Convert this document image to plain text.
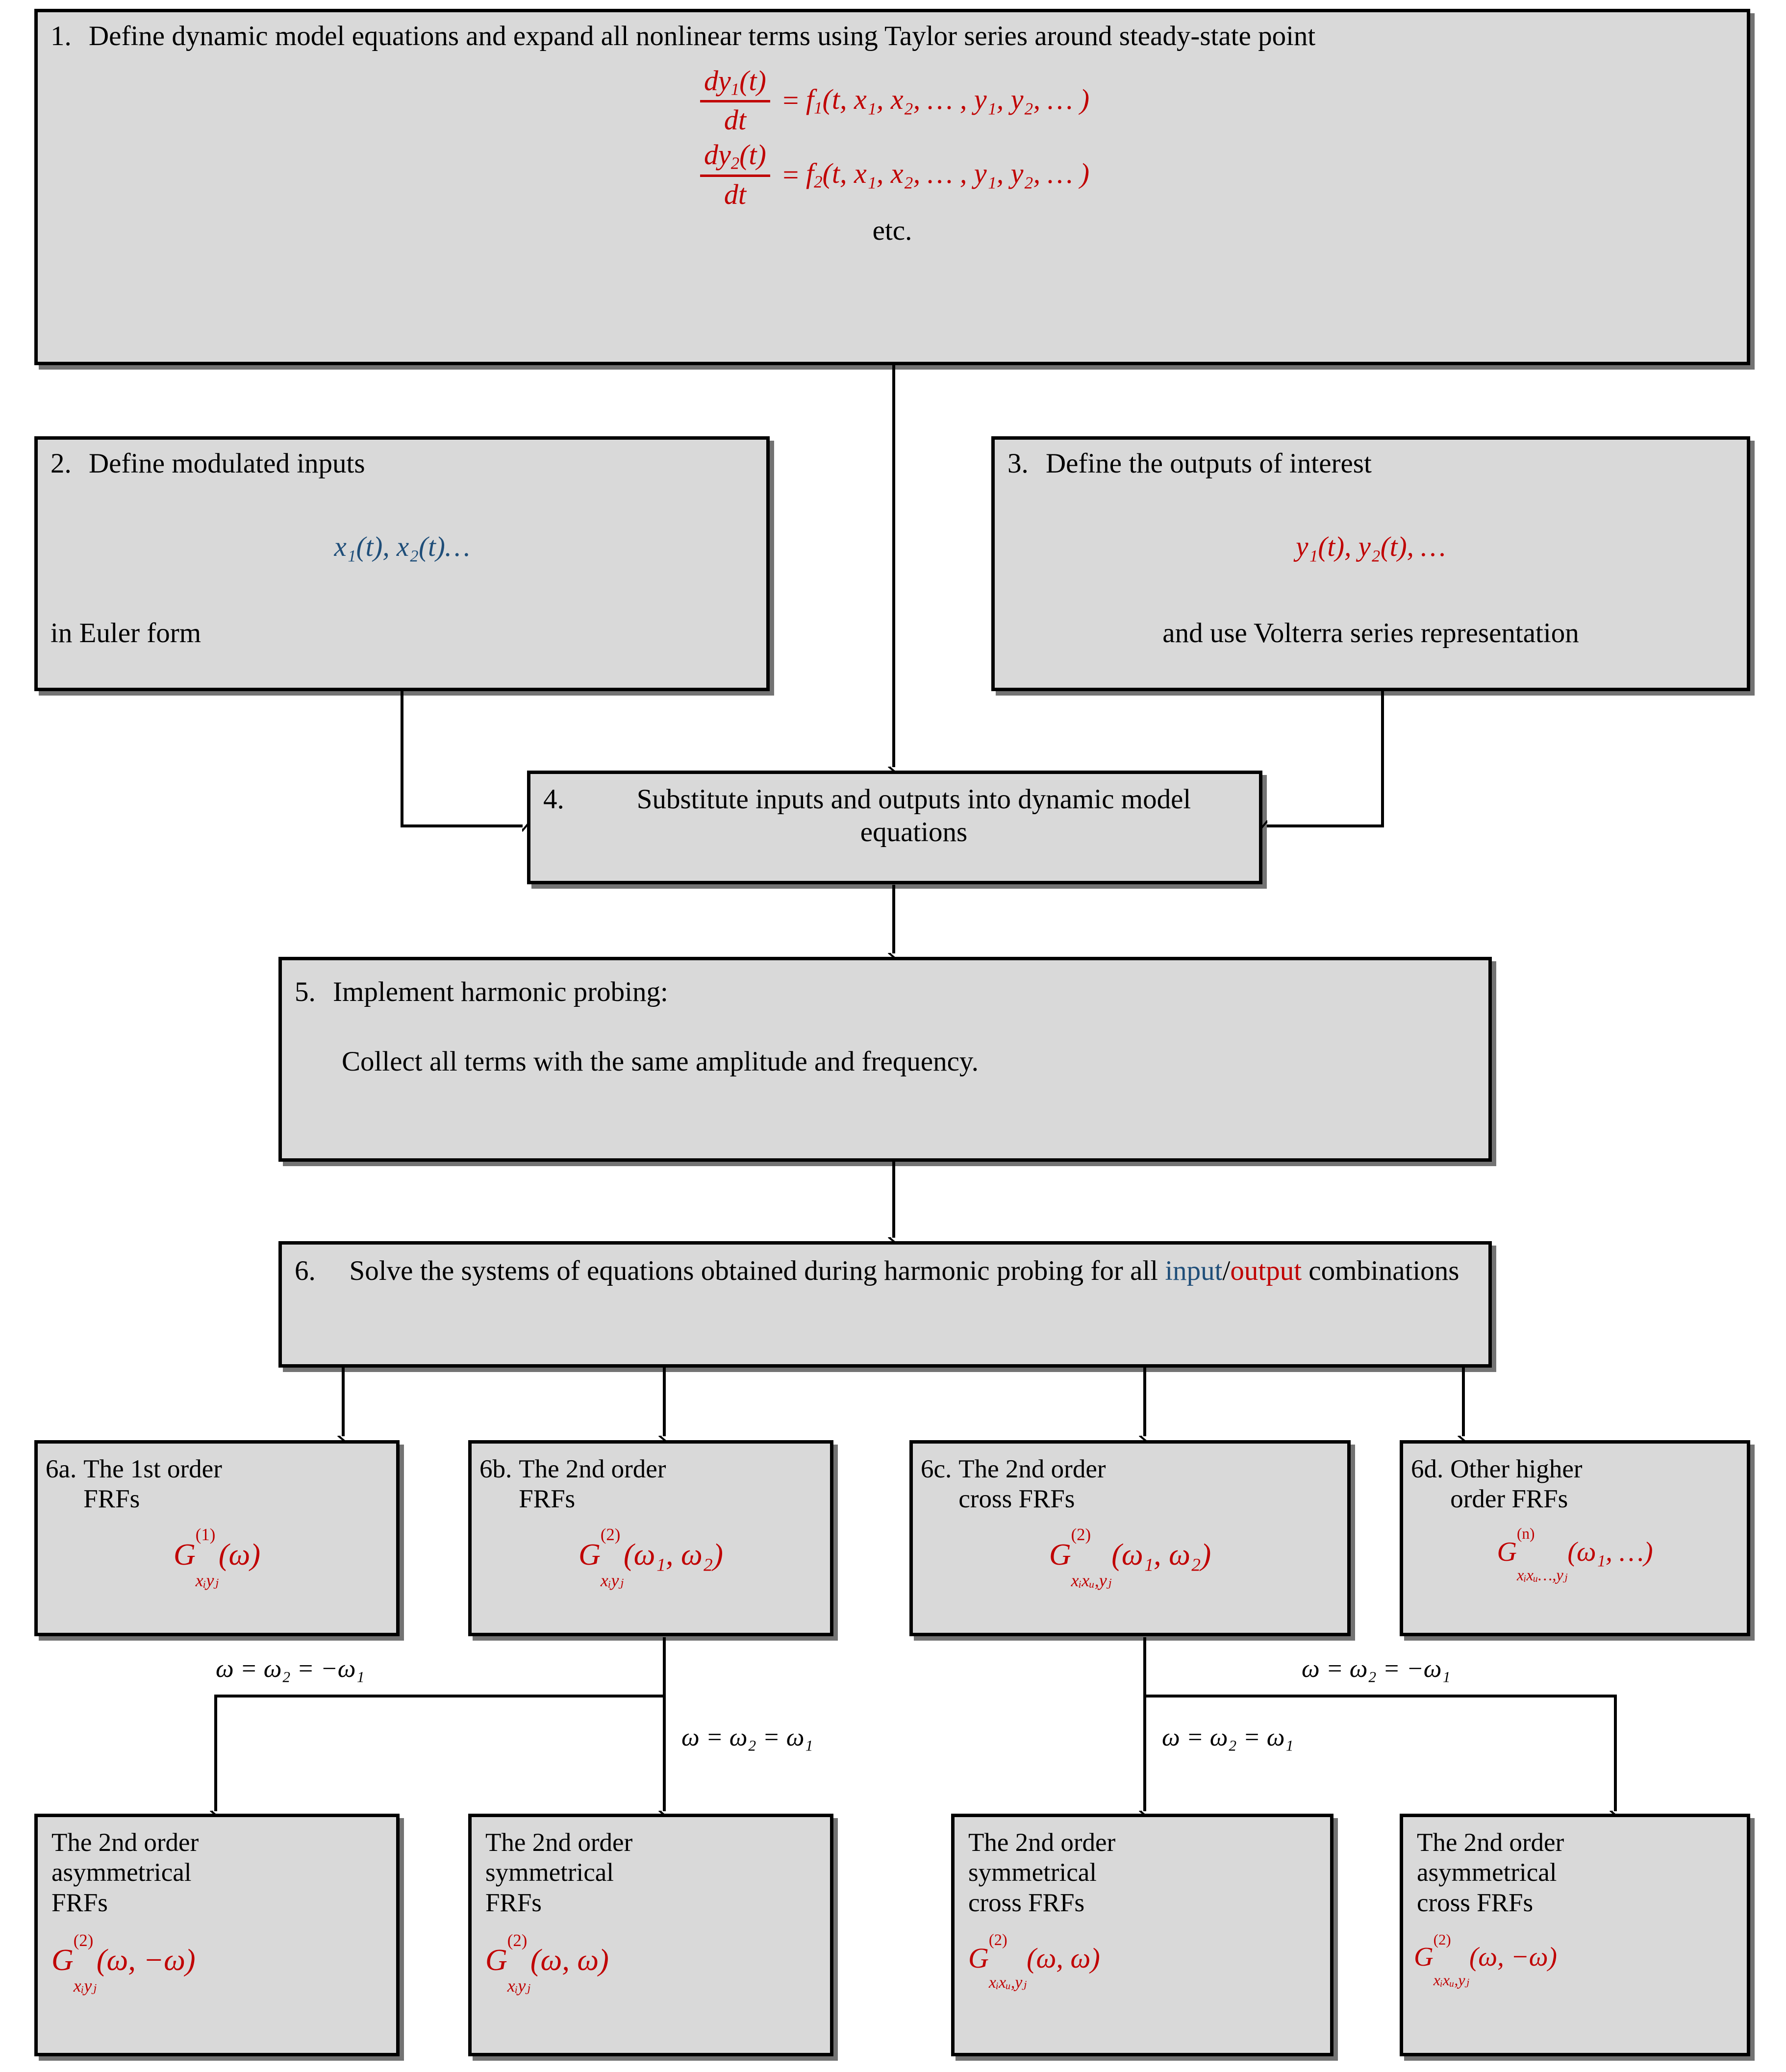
1. Define dynamic model equations and expand all nonlinear terms using Taylor series around steady-state point
$dy_1(t)$
dt
= $f_1(t$, x₁, x₂, … , y₁, y₂, … )
$dy_2(t)$
dt
= $f_2(t$, x₁, x₂, … , y₁, y₂, … )
etc.
2. Define modulated inputs
x₁(t), x₂(t)…
in Euler form
3. Define the outputs of interest
y₁(t), y₂(t), …
and use Volterra series representation
4.	Substitute inputs and outputs into dynamic model equations
5. Implement harmonic probing:
Collect all terms with the same amplitude and frequency.
6.	Solve the systems of equations obtained during harmonic probing for all input/output combinations
6a. The 1st order
FRFs
G(1)
xᵢyⱼ(ω)
6b. The 2nd order
FRFs
G(2)
xᵢyⱼ(ω₁, ω₂)
6c. The 2nd order
cross FRFs
G(2)
xᵢxᵤ,yⱼ(ω₁, ω₂)
6d. Other higher
order FRFs
G(n)
xᵢxᵤ…,yⱼ(ω₁, …)
ω = ω₂ = −ω₁
ω = ω₂ = ω₁
ω = ω₂ = −ω₁
ω = ω₂ = ω₁
The 2nd order
asymmetrical
FRFs
G(2)
xᵢyⱼ(ω, −ω)
The 2nd order
symmetrical
FRFs
G(2)
xᵢyⱼ(ω, ω)
The 2nd order
symmetrical
cross FRFs
G(2)
xᵢxᵤ,yⱼ(ω, ω)
The 2nd order
asymmetrical
cross FRFs
G(2)
xᵢxᵤ,yⱼ(ω, −ω)
